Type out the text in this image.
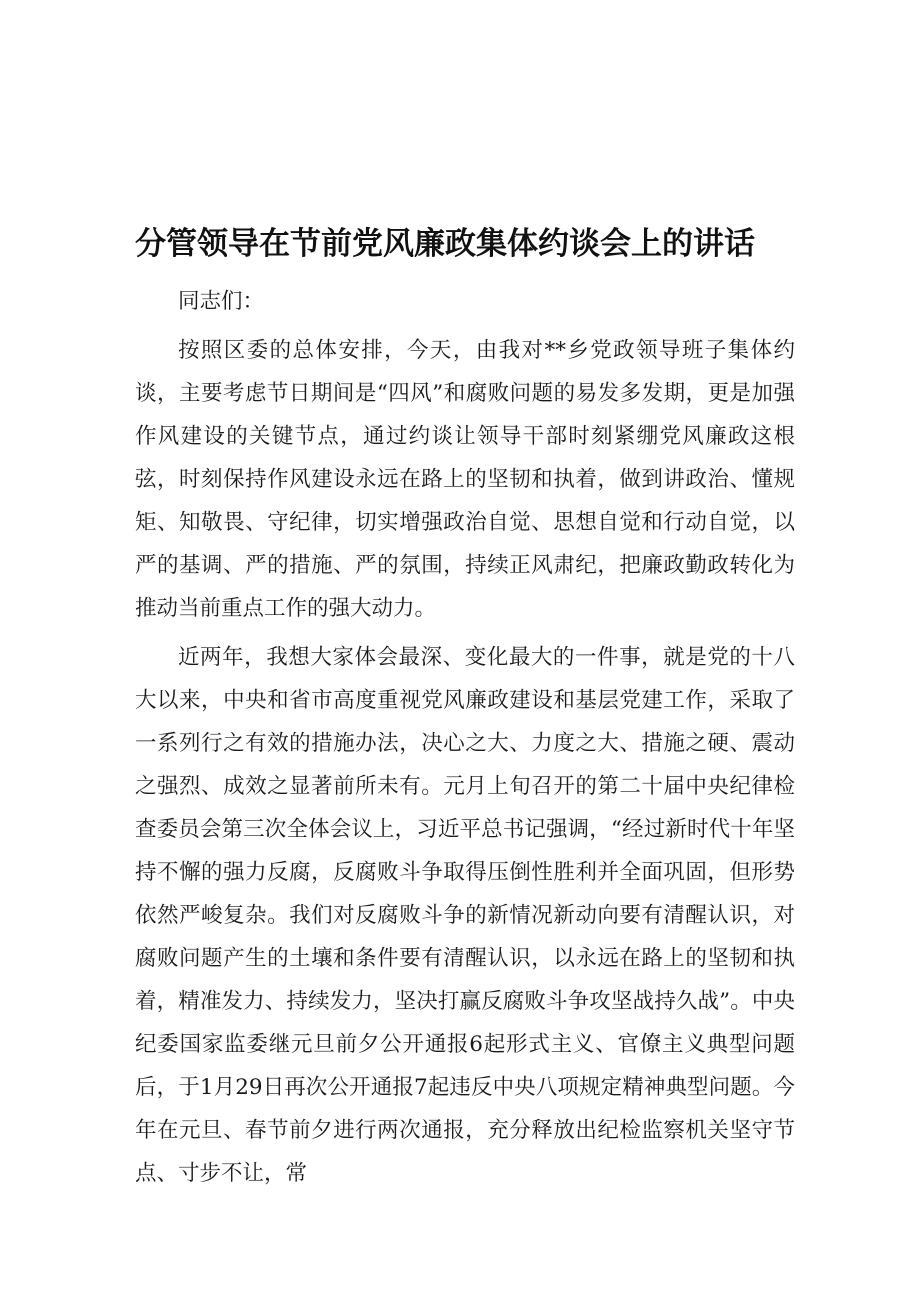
分管领导在节前党风廉政集体约谈会上的讲话

同志们：

按照区委的总体安排，今天，由我对**乡党政领导班子集体约谈，主要考虑节日期间是“四风”和腐败问题的易发多发期，更是加强作风建设的关键节点，通过约谈让领导干部时刻紧绷党风廉政这根弦，时刻保持作风建设永远在路上的坚韧和执着，做到讲政治、懂规矩、知敬畏、守纪律，切实增强政治自觉、思想自觉和行动自觉，以严的基调、严的措施、严的氛围，持续正风肃纪，把廉政勤政转化为推动当前重点工作的强大动力。

近两年，我想大家体会最深、变化最大的一件事，就是党的十八大以来，中央和省市高度重视党风廉政建设和基层党建工作，采取了一系列行之有效的措施办法，决心之大、力度之大、措施之硬、震动之强烈、成效之显著前所未有。元月上旬召开的第二十届中央纪律检查委员会第三次全体会议上，习近平总书记强调，“经过新时代十年坚持不懈的强力反腐，反腐败斗争取得压倒性胜利并全面巩固，但形势依然严峻复杂。我们对反腐败斗争的新情况新动向要有清醒认识，对腐败问题产生的土壤和条件要有清醒认识，以永远在路上的坚韧和执着，精准发力、持续发力，坚决打赢反腐败斗争攻坚战持久战”。中央纪委国家监委继元旦前夕公开通报6起形式主义、官僚主义典型问题后，于1月29日再次公开通报7起违反中央八项规定精神典型问题。今年在元旦、春节前夕进行两次通报，充分释放出纪检监察机关坚守节点、寸步不让，常
